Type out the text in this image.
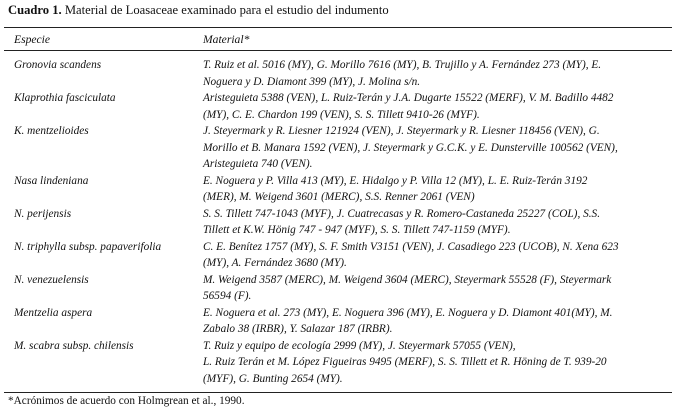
Cuadro 1. Material de Loasaceae examinado para el estudio del indumento
Especie	Material*
Gronovia scandens	T. Ruiz et al. 5016 (MY), G. Morillo 7616 (MY), B. Trujillo y A. Fernández 273 (MY), E.
Noguera y D. Diamont 399 (MY), J. Molina s/n.
Klaprothia fasciculata	Aristeguieta 5388 (VEN), L. Ruiz-Terán y J.A. Dugarte 15522 (MERF), V. M. Badillo 4482
(MY), C. E. Chardon 199 (VEN), S. S. Tillett 9410-26 (MYF).
K. mentzelioides	J. Steyermark y R. Liesner 121924 (VEN), J. Steyermark y R. Liesner 118456 (VEN), G.
Morillo et B. Manara 1592 (VEN), J. Steyermark y G.C.K. y E. Dunsterville 100562 (VEN),
Aristeguieta 740 (VEN).
Nasa lindeniana	E. Noguera y P. Villa 413 (MY), E. Hidalgo y P. Villa 12 (MY), L. E. Ruiz-Terán 3192
(MER), M. Weigend 3601 (MERC), S.S. Renner 2061 (VEN)
N. perijensis	S. S. Tillett 747-1043 (MYF), J. Cuatrecasas y R. Romero-Castaneda 25227 (COL), S.S.
Tillett et K.W. Hönig 747 - 947 (MYF), S. S. Tillett 747-1159 (MYF).
N. triphylla subsp. papaverifolia	C. E. Benítez 1757 (MY), S. F. Smith V3151 (VEN), J. Casadiego 223 (UCOB), N. Xena 623
(MY), A. Fernández 3680 (MY).
N. venezuelensis	M. Weigend 3587 (MERC), M. Weigend 3604 (MERC), Steyermark 55528 (F), Steyermark
56594 (F).
Mentzelia aspera	E. Noguera et al. 273 (MY), E. Noguera 396 (MY), E. Noguera y D. Diamont 401(MY), M.
Zabalo 38 (IRBR), Y. Salazar 187 (IRBR).
M. scabra subsp. chilensis	T. Ruiz y equipo de ecología 2999 (MY), J. Steyermark 57055 (VEN),
L. Ruiz Terán et M. López Figueiras 9495 (MERF), S. S. Tillett et R. Höning de T. 939-20
(MYF), G. Bunting 2654 (MY).
*Acrónimos de acuerdo con Holmgrean et al., 1990.
